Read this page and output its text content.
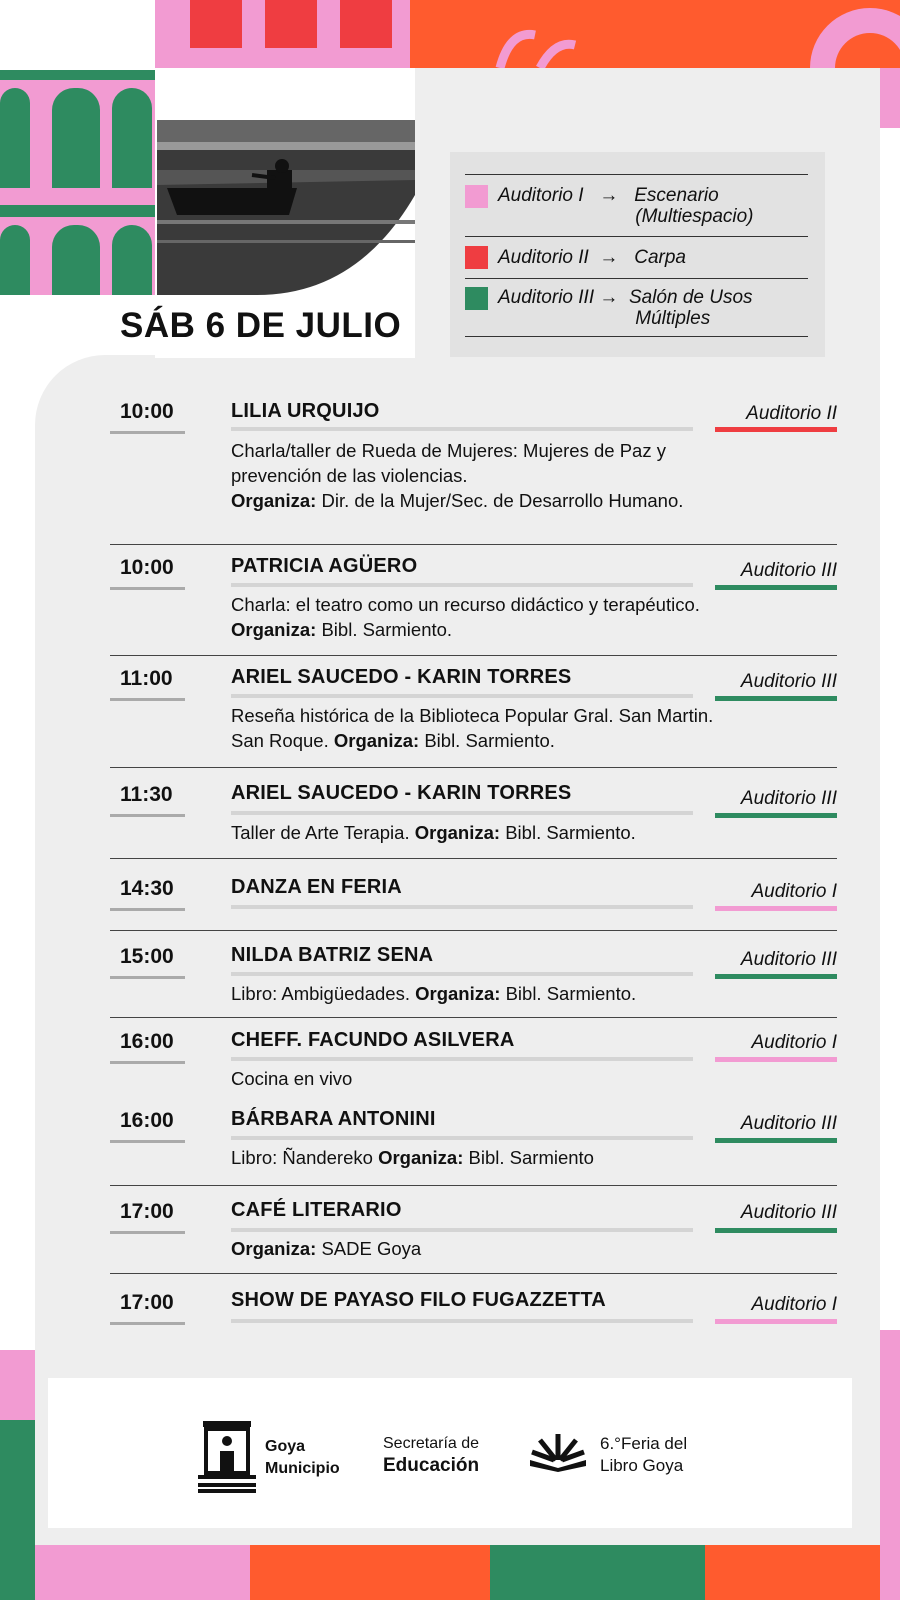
SÁB 6 DE JULIO
Auditorio I   →   Escenario
(Multiespacio)
Auditorio II  →   Carpa
Auditorio III →  Salón de Usos
Múltiples
10:00	LILIA URQUIJO	Auditorio II
Charla/taller de Rueda de Mujeres: Mujeres de Paz y prevención de las violencias.
Organiza: Dir. de la Mujer/Sec. de Desarrollo Humano.
10:00	PATRICIA AGÜERO	Auditorio III
Charla: el teatro como un recurso didáctico y terapéutico. Organiza: Bibl. Sarmiento.
11:00	ARIEL SAUCEDO - KARIN TORRES	Auditorio III
Reseña histórica de la Biblioteca Popular Gral. San Martin. San Roque. Organiza: Bibl. Sarmiento.
11:30	ARIEL SAUCEDO - KARIN TORRES	Auditorio III
Taller de Arte Terapia. Organiza: Bibl. Sarmiento.
14:30	DANZA EN FERIA	Auditorio I
15:00	NILDA BATRIZ SENA	Auditorio III
Libro: Ambigüedades. Organiza: Bibl. Sarmiento.
16:00	CHEFF. FACUNDO ASILVERA	Auditorio I
Cocina en vivo
16:00	BÁRBARA ANTONINI	Auditorio III
Libro: Ñandereko Organiza: Bibl. Sarmiento
17:00	CAFÉ LITERARIO	Auditorio III
Organiza: SADE Goya
17:00	SHOW DE PAYASO FILO FUGAZZETTA	Auditorio I
Goya
Municipio
Secretaría de
Educación
6.°Feria del
Libro Goya
